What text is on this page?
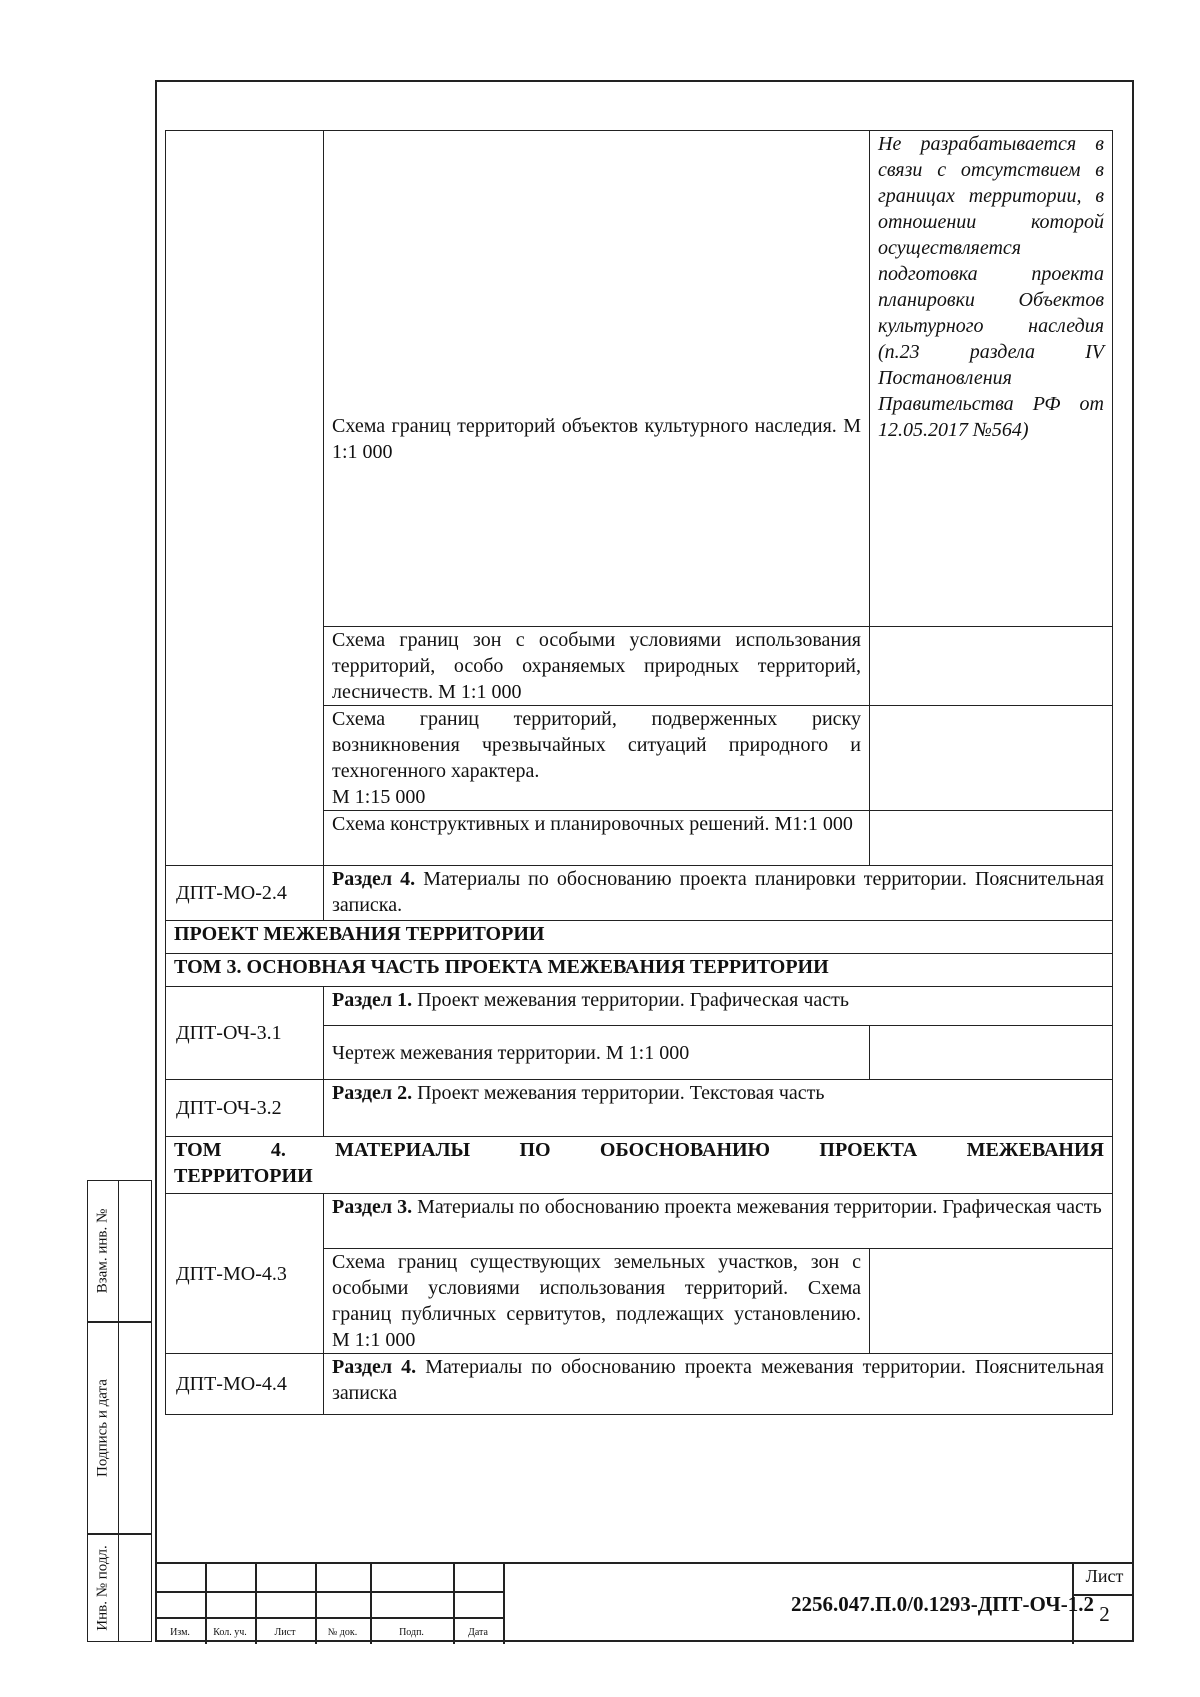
	Схема границ территорий объектов культурного наследия. М 1:1 000	Не разрабатывается в связи с отсутствием в границах территории, в отношении которой осуществляется подготовка проекта планировки Объектов культурного наследия (п.23 раздела IV Постановления Правительства РФ от 12.05.2017 №564)
	Схема границ зон с особыми условиями использования территорий, особо охраняемых природных территорий, лесничеств. М 1:1 000	
	Схема границ территорий, подверженных риску возникновения чрезвычайных ситуаций природного и техногенного характера.
М 1:15 000	
	Схема конструктивных и планировочных решений. М1:1 000	
ДПТ-МО-2.4	Раздел 4. Материалы по обоснованию проекта планировки территории. Пояснительная записка.	
ПРОЕКТ МЕЖЕВАНИЯ ТЕРРИТОРИИ		
ТОМ 3. ОСНОВНАЯ ЧАСТЬ ПРОЕКТА МЕЖЕВАНИЯ ТЕРРИТОРИИ		
ДПТ-ОЧ-3.1	Раздел 1. Проект межевания территории. Графическая часть	
	Чертеж межевания территории. М 1:1 000	
ДПТ-ОЧ-3.2	Раздел 2. Проект межевания территории. Текстовая часть	

ТОМ 4. МАТЕРИАЛЫ ПО ОБОСНОВАНИЮ ПРОЕКТА МЕЖЕВАНИЯ
ТЕРРИТОРИИ		

ДПТ-МО-4.3	Раздел 3. Материалы по обоснованию проекта межевания территории. Графическая часть	
	Схема границ существующих земельных участков, зон с особыми условиями использования территорий. Схема границ публичных сервитутов, подлежащих установлению. М 1:1 000	
ДПТ-МО-4.4	Раздел 4. Материалы по обоснованию проекта межевания территории. Пояснительная записка	
Взам. инв. №
Подпись и дата
Инв. № подл.
Изм.	Кол. уч.	Лист	№ док.	Подп.	Дата
2256.047.П.0/0.1293-ДПТ-ОЧ-1.2
Лист
2
